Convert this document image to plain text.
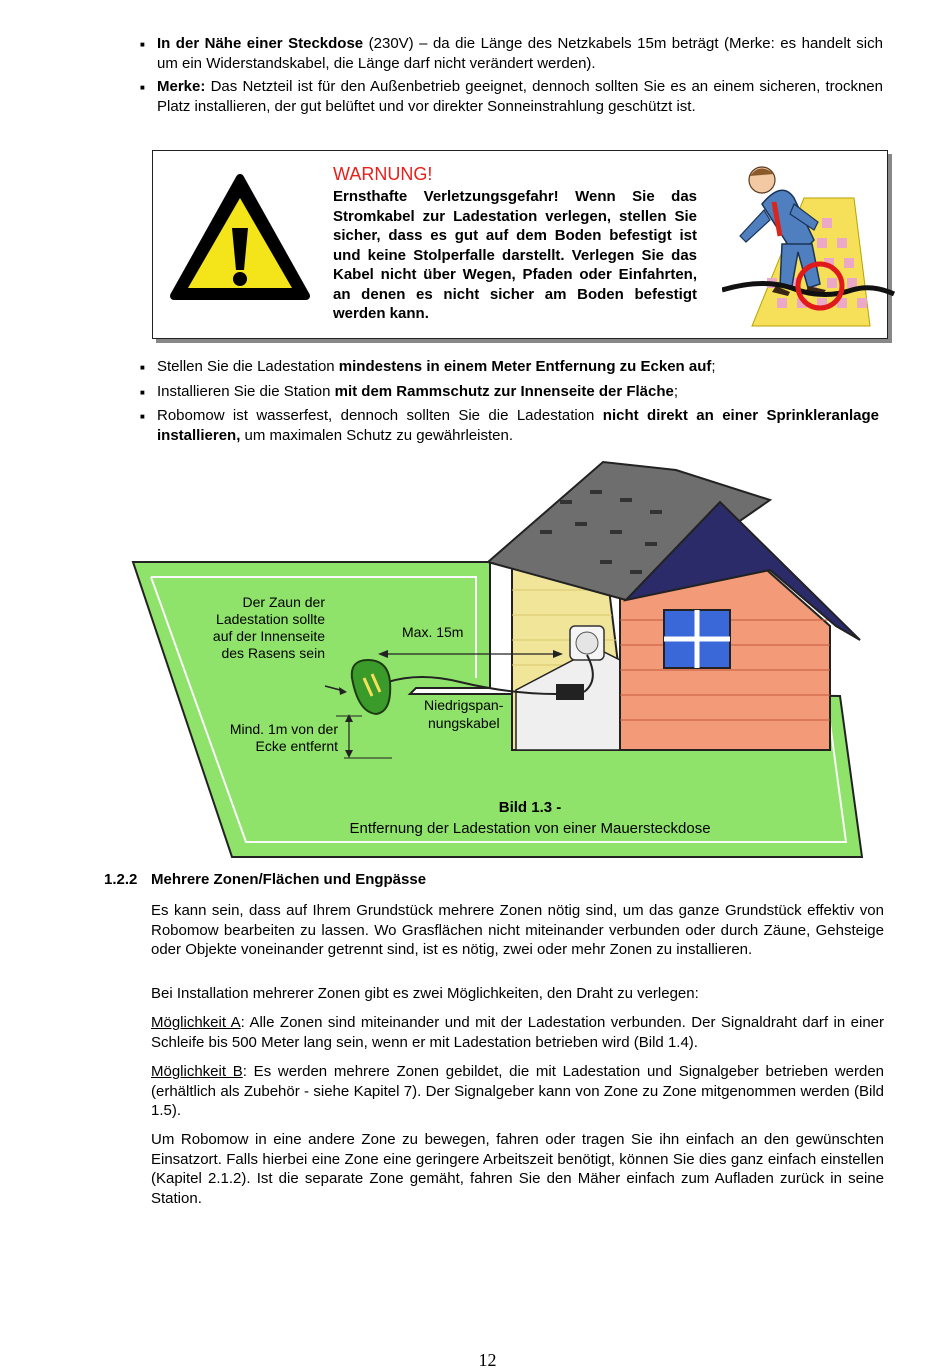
■ In der Nähe einer Steckdose (230V) – da die Länge des Netzkabels 15m beträgt (Merke: es handelt sich um ein Widerstandskabel, die Länge darf nicht verändert werden).

■ Merke: Das Netzteil ist für den Außenbetrieb geeignet, dennoch sollten Sie es an einem sicheren, trocknen Platz installieren, der gut belüftet und vor direkter Sonneinstrahlung geschützt ist.

WARNUNG!

Ernsthafte Verletzungsgefahr! Wenn Sie das Stromkabel zur Ladestation verlegen, stellen Sie sicher, dass es gut auf dem Boden befestigt ist und keine Stolperfalle darstellt. Verlegen Sie das Kabel nicht über Wegen, Pfaden oder Einfahrten, an denen es nicht sicher am Boden befestigt werden kann.

■ Stellen Sie die Ladestation mindestens in einem Meter Entfernung zu Ecken auf;

■ Installieren Sie die Station mit dem Rammschutz zur Innenseite der Fläche;

■ Robomow ist wasserfest, dennoch sollten Sie die Ladestation nicht direkt an einer Sprinkleranlage installieren, um maximalen Schutz zu gewährleisten.

Der Zaun der
Ladestation sollte
auf der Innenseite
des Rasens sein
Mind. 1m von der
Ecke entfernt
Max. 15m
Niedrigspan-
nungskabel
Bild 1.3 -
Entfernung der Ladestation von einer Mauersteckdose

1.2.2 Mehrere Zonen/Flächen und Engpässe

Es kann sein, dass auf Ihrem Grundstück mehrere Zonen nötig sind, um das ganze Grundstück effektiv von Robomow bearbeiten zu lassen. Wo Grasflächen nicht miteinander verbunden oder durch Zäune, Gehsteige oder Objekte voneinander getrennt sind, ist es nötig, zwei oder mehr Zonen zu installieren.

Bei Installation mehrerer Zonen gibt es zwei Möglichkeiten, den Draht zu verlegen:

Möglichkeit A: Alle Zonen sind miteinander und mit der Ladestation verbunden. Der Signaldraht darf in einer Schleife bis 500 Meter lang sein, wenn er mit Ladestation betrieben wird (Bild 1.4).

Möglichkeit B: Es werden mehrere Zonen gebildet, die mit Ladestation und Signalgeber betrieben werden (erhältlich als Zubehör - siehe Kapitel 7). Der Signalgeber kann von Zone zu Zone mitgenommen werden (Bild 1.5).

Um Robomow in eine andere Zone zu bewegen, fahren oder tragen Sie ihn einfach an den gewünschten Einsatzort. Falls hierbei eine Zone eine geringere Arbeitszeit benötigt, können Sie dies ganz einfach einstellen (Kapitel 2.1.2). Ist die separate Zone gemäht, fahren Sie den Mäher einfach zum Aufladen zurück in seine Station.

12
